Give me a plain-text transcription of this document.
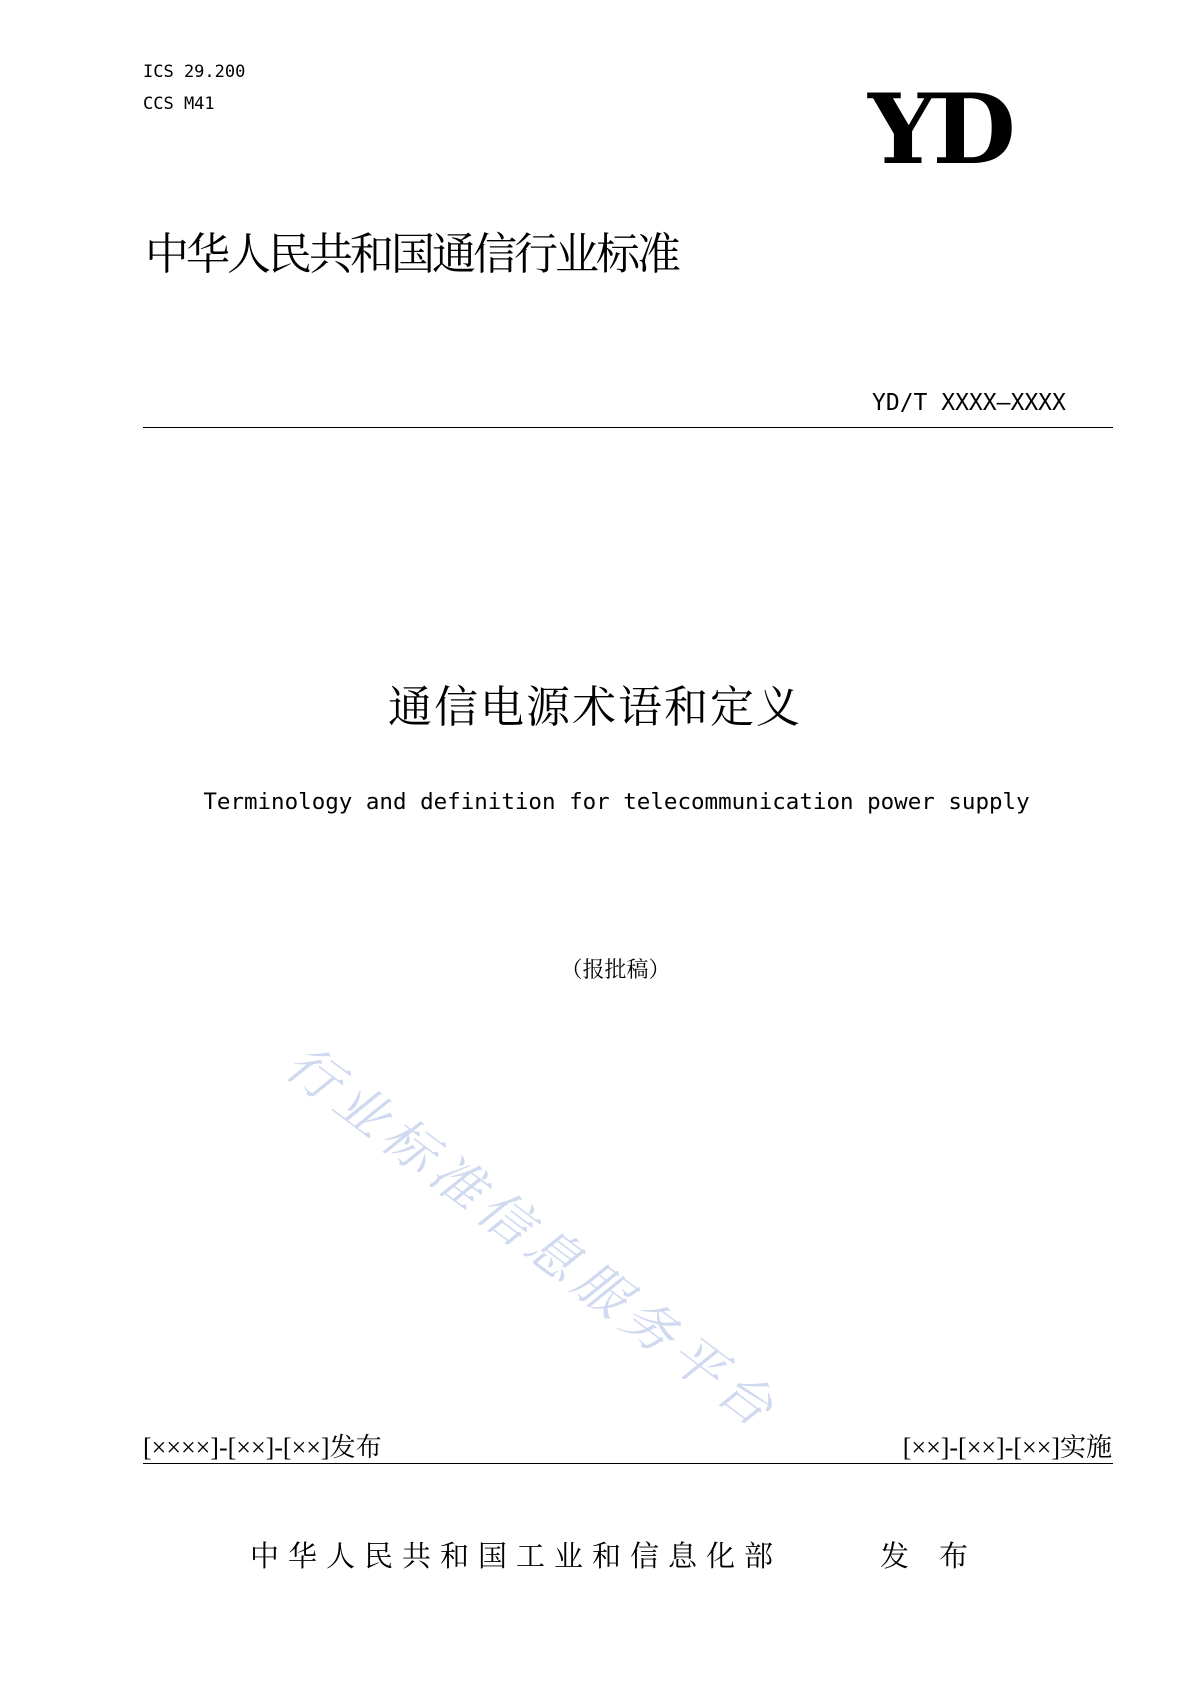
ICS 29.200
CCS M41	YD
中华人民共和国通信行业标准
YD/T XXXX—XXXX
通信电源术语和定义
Terminology and definition for telecommunication power supply
（报批稿）
行业标准信息服务平台
[××××]-[××]-[××]发布	[××]-[××]-[××]实施
中华人民共和国工业和信息化部	发布
